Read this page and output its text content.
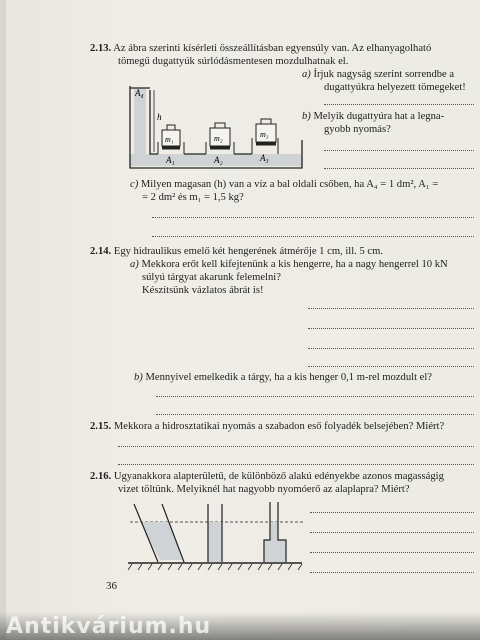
2.13. Az ábra szerinti kísérleti összeállításban egyensúly van. Az elhanyagolható
tömegű dugattyúk súrlódásmentesen mozdulhatnak el.
a) Írjuk nagyság szerint sorrendbe a
dugattyúkra helyezett tömegeket!
b) Melyik dugattyúra hat a legna-
gyobb nyomás?
A₄
h
m₁	m₂	m₃
A₁	A₂	A₃
c) Milyen magasan (h) van a víz a bal oldali csőben, ha A₄ = 1 dm², A₁ =
= 2 dm² és m₁ = 1,5 kg?
2.14. Egy hidraulikus emelő két hengerének átmérője 1 cm, ill. 5 cm.
a) Mekkora erőt kell kifejtenünk a kis hengerre, ha a nagy hengerrel 10 kN
súlyú tárgyat akarunk felemelni?
Készítsünk vázlatos ábrát is!
b) Mennyivel emelkedik a tárgy, ha a kis henger 0,1 m-rel mozdult el?
2.15. Mekkora a hidrosztatikai nyomás a szabadon eső folyadék belsejében? Miért?
2.16. Ugyanakkora alapterületű, de különböző alakú edényekbe azonos magasságig
vizet töltünk. Melyiknél hat nagyobb nyomóerő az alaplapra? Miért?
36
Antikvárium.hu
